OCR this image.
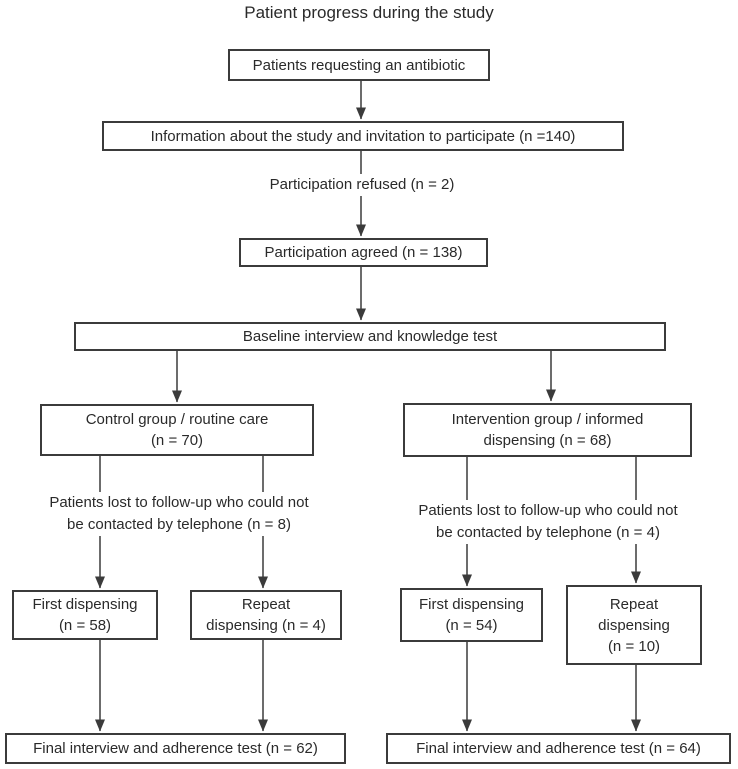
Patient progress during the study
Patients requesting an antibiotic
Information about the study and invitation to participate (n =140)
Participation refused (n = 2)
Participation agreed (n = 138)
Baseline interview and knowledge test
Control group / routine care
(n = 70)
Intervention group / informed
dispensing (n = 68)
Patients lost to follow-up who could not
be contacted by telephone (n = 8)
Patients lost to follow-up who could not
be contacted by telephone (n = 4)
First dispensing
(n = 58)
Repeat
dispensing (n = 4)
First dispensing
(n = 54)
Repeat
dispensing
(n = 10)
Final interview and adherence test (n = 62)	Final interview and adherence test (n = 64)
